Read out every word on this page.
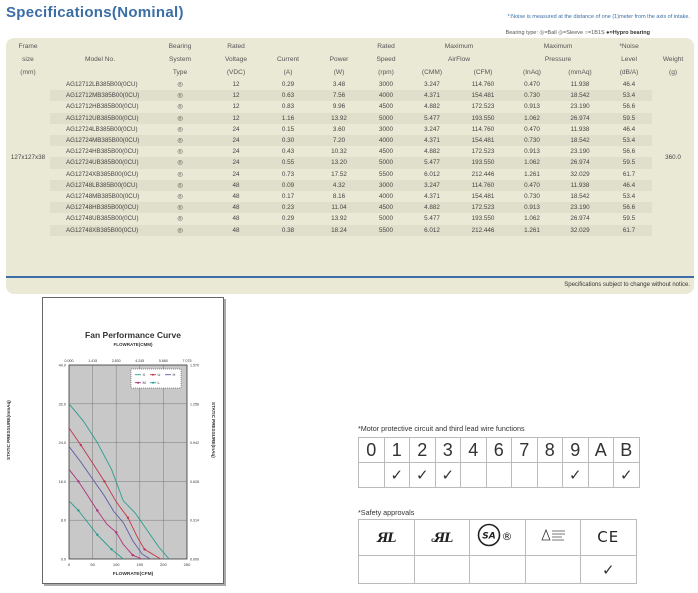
Specifications(Nominal)	*:Noise is measured at the distance of one (1)meter from the axis of intake.
Bearing type: ◎=Ball ◎=Sleeve ○=1B1S ●=Hypro bearing
Frame		Bearing	Rated			Rated	Maximum		Maximum		*Noise	
size	Model No.	System	Voltage	Current	Power	Speed	AirFlow		Pressure		Level	Weight
(mm)		Type	(VDC)	(A)	(W)	(rpm)	(CMM)	(CFM)	(InAq)	(mmAq)	(dB/A)	(g)
127x127x38	AG12712LB385B00(0CU)	◎	12	0.29	3.48	3000	3.247	114.760	0.470	11.938	46.4	360.0
	AG12712MB385B00(0CU)	◎	12	0.63	7.56	4000	4.371	154.481	0.730	18.542	53.4	
	AG12712HB385B00(0CU)	◎	12	0.83	9.96	4500	4.882	172.523	0.913	23.190	56.6	
	AG12712UB385B00(0CU)	◎	12	1.16	13.92	5000	5.477	193.550	1.062	26.974	59.5	
	AG12724LB385B00(0CU)	◎	24	0.15	3.60	3000	3.247	114.760	0.470	11.938	46.4	
	AG12724MB385B00(0CU)	◎	24	0.30	7.20	4000	4.371	154.481	0.730	18.542	53.4	
	AG12724HB385B00(0CU)	◎	24	0.43	10.32	4500	4.882	172.523	0.913	23.190	56.6	
	AG12724UB385B00(0CU)	◎	24	0.55	13.20	5000	5.477	193.550	1.062	26.974	59.5	
	AG12724XB385B00(0CU)	◎	24	0.73	17.52	5500	6.012	212.446	1.261	32.029	61.7	
	AG12748LB385B00(0CU)	◎	48	0.09	4.32	3000	3.247	114.760	0.470	11.938	46.4	
	AG12748MB385B00(0CU)	◎	48	0.17	8.16	4000	4.371	154.481	0.730	18.542	53.4	
	AG12748HB385B00(0CU)	◎	48	0.23	11.04	4500	4.882	172.523	0.913	23.190	56.6	
	AG12748UB385B00(0CU)	◎	48	0.29	13.92	5000	5.477	193.550	1.062	26.974	59.5	
	AG12748XB385B00(0CU)	◎	48	0.38	18.24	5500	6.012	212.446	1.261	32.029	61.7	
Specifications subject to change without notice.
Fan Performance Curve
FLOWRATE(CMM)
FLOWRATE(CFM)
STATIC PRESSURE(mmAq)	STATIC PRESSURE(InAq)
0	50	100	150	200	250
0.000	1.415	2.830	4.245	5.660	7.075
0.0
8.0
16.0
24.0
32.0
40.0
0.000
0.314
0.628
0.942
1.256
1.570
X	U	H
M	L
*Motor protective circuit and third lead wire functions
0	1	2	3	4	6	7	8	9	A	B
	✓	✓	✓					✓		✓
*Safety approvals
ЯL	cЯL	SA ®		CE
				✓
